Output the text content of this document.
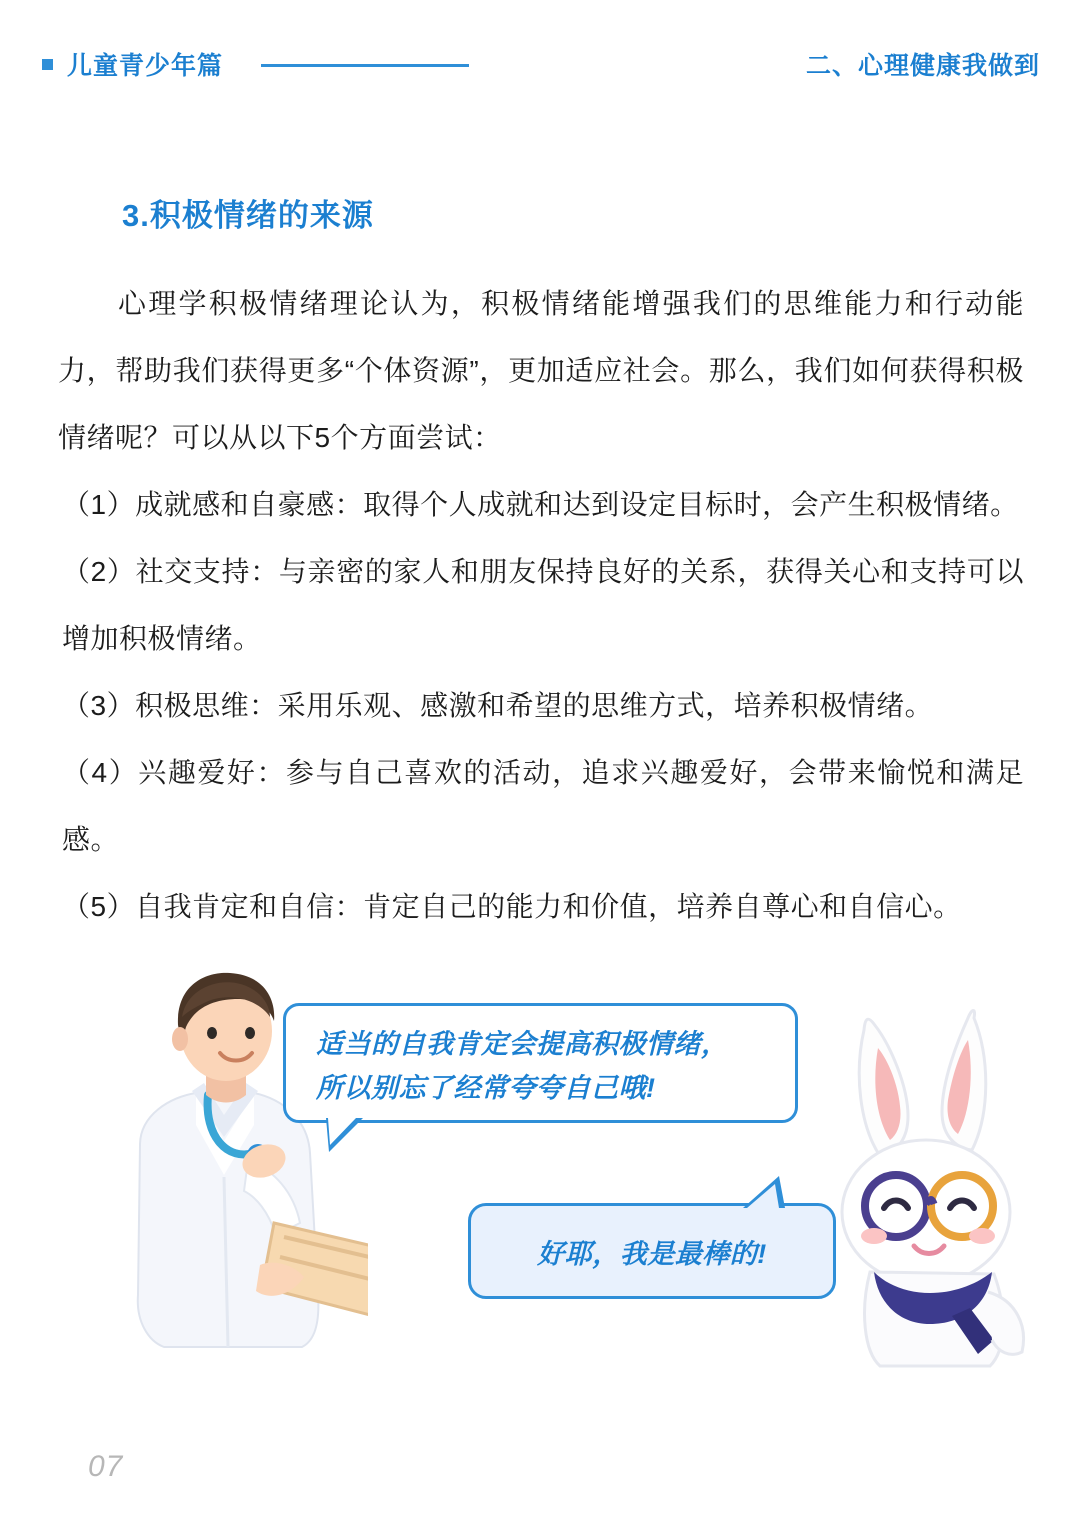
儿童青少年篇	二、心理健康我做到
3.积极情绪的来源

心理学积极情绪理论认为，积极情绪能增强我们的思维能力和行动能力，帮助我们获得更多“个体资源”，更加适应社会。那么，我们如何获得积极情绪呢？可以从以下5个方面尝试：

（1）成就感和自豪感：取得个人成就和达到设定目标时，会产生积极情绪。

（2）社交支持：与亲密的家人和朋友保持良好的关系，获得关心和支持可以增加积极情绪。

（3）积极思维：采用乐观、感激和希望的思维方式，培养积极情绪。

（4）兴趣爱好：参与自己喜欢的活动，追求兴趣爱好，会带来愉悦和满足感。

（5）自我肯定和自信：肯定自己的能力和价值，培养自尊心和自信心。

适当的自我肯定会提高积极情绪，
所以别忘了经常夸夸自己哦!
好耶，我是最棒的!
07
